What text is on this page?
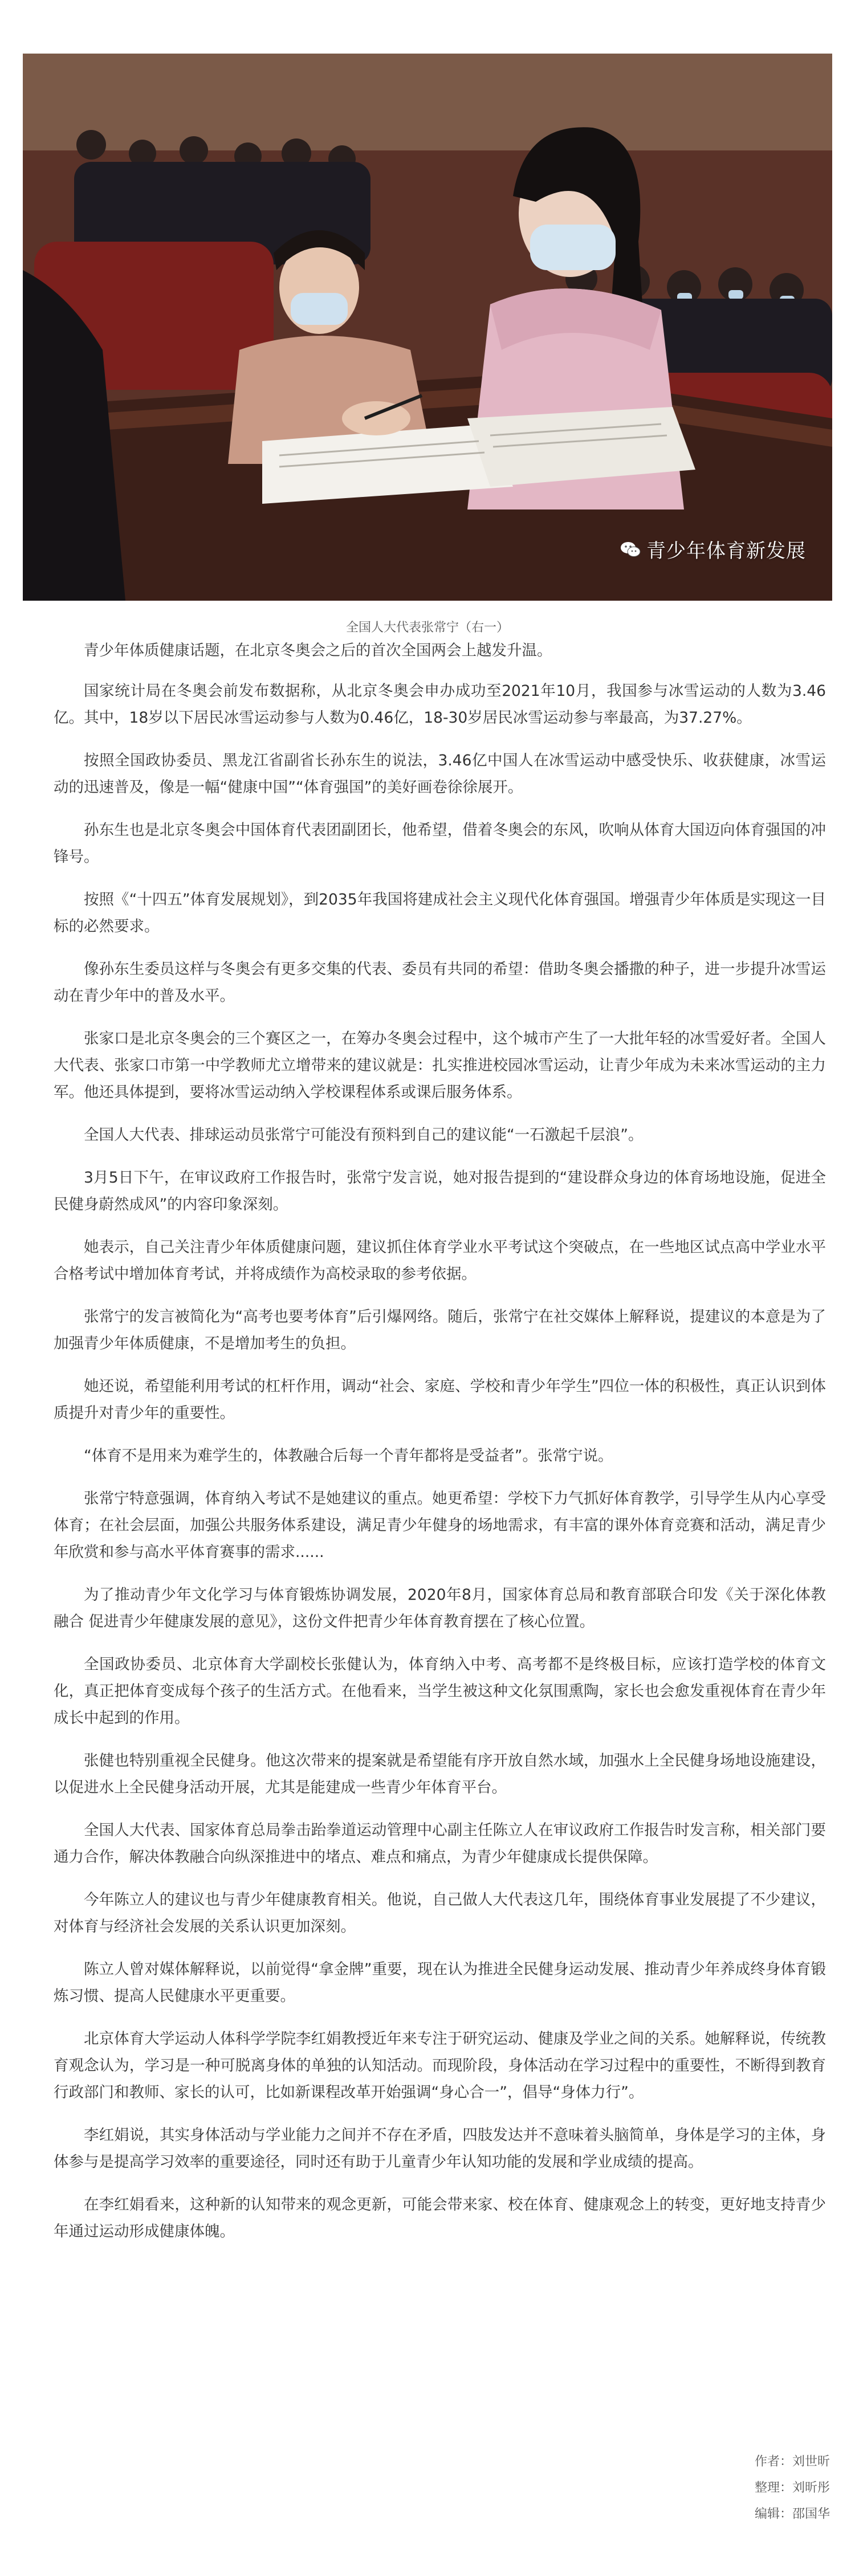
青少年体育新发展
全国人大代表张常宁（右一）

青少年体质健康话题，在北京冬奥会之后的首次全国两会上越发升温。

国家统计局在冬奥会前发布数据称，从北京冬奥会申办成功至2021年10月，我国参与冰雪运动的人数为3.46亿。其中，18岁以下居民冰雪运动参与人数为0.46亿，18-30岁居民冰雪运动参与率最高，为37.27%。

按照全国政协委员、黑龙江省副省长孙东生的说法，3.46亿中国人在冰雪运动中感受快乐、收获健康，冰雪运动的迅速普及，像是一幅“健康中国”“体育强国”的美好画卷徐徐展开。

孙东生也是北京冬奥会中国体育代表团副团长，他希望，借着冬奥会的东风，吹响从体育大国迈向体育强国的冲锋号。

按照《“十四五”体育发展规划》，到2035年我国将建成社会主义现代化体育强国。增强青少年体质是实现这一目标的必然要求。

像孙东生委员这样与冬奥会有更多交集的代表、委员有共同的希望：借助冬奥会播撒的种子，进一步提升冰雪运动在青少年中的普及水平。

张家口是北京冬奥会的三个赛区之一，在筹办冬奥会过程中，这个城市产生了一大批年轻的冰雪爱好者。全国人大代表、张家口市第一中学教师尤立增带来的建议就是：扎实推进校园冰雪运动，让青少年成为未来冰雪运动的主力军。他还具体提到，要将冰雪运动纳入学校课程体系或课后服务体系。

全国人大代表、排球运动员张常宁可能没有预料到自己的建议能“一石激起千层浪”。

3月5日下午，在审议政府工作报告时，张常宁发言说，她对报告提到的“建设群众身边的体育场地设施，促进全民健身蔚然成风”的内容印象深刻。

她表示，自己关注青少年体质健康问题，建议抓住体育学业水平考试这个突破点，在一些地区试点高中学业水平合格考试中增加体育考试，并将成绩作为高校录取的参考依据。

张常宁的发言被简化为“高考也要考体育”后引爆网络。随后，张常宁在社交媒体上解释说，提建议的本意是为了加强青少年体质健康，不是增加考生的负担。

她还说，希望能利用考试的杠杆作用，调动“社会、家庭、学校和青少年学生”四位一体的积极性，真正认识到体质提升对青少年的重要性。

“体育不是用来为难学生的，体教融合后每一个青年都将是受益者”。张常宁说。

张常宁特意强调，体育纳入考试不是她建议的重点。她更希望：学校下力气抓好体育教学，引导学生从内心享受体育；在社会层面，加强公共服务体系建设，满足青少年健身的场地需求，有丰富的课外体育竞赛和活动，满足青少年欣赏和参与高水平体育赛事的需求......

为了推动青少年文化学习与体育锻炼协调发展，2020年8月，国家体育总局和教育部联合印发《关于深化体教融合 促进青少年健康发展的意见》，这份文件把青少年体育教育摆在了核心位置。

全国政协委员、北京体育大学副校长张健认为，体育纳入中考、高考都不是终极目标，应该打造学校的体育文化，真正把体育变成每个孩子的生活方式。在他看来，当学生被这种文化氛围熏陶，家长也会愈发重视体育在青少年成长中起到的作用。

张健也特别重视全民健身。他这次带来的提案就是希望能有序开放自然水域，加强水上全民健身场地设施建设，以促进水上全民健身活动开展，尤其是能建成一些青少年体育平台。

全国人大代表、国家体育总局拳击跆拳道运动管理中心副主任陈立人在审议政府工作报告时发言称，相关部门要通力合作，解决体教融合向纵深推进中的堵点、难点和痛点，为青少年健康成长提供保障。

今年陈立人的建议也与青少年健康教育相关。他说，自己做人大代表这几年，围绕体育事业发展提了不少建议，对体育与经济社会发展的关系认识更加深刻。

陈立人曾对媒体解释说，以前觉得“拿金牌”重要，现在认为推进全民健身运动发展、推动青少年养成终身体育锻炼习惯、提高人民健康水平更重要。

北京体育大学运动人体科学学院李红娟教授近年来专注于研究运动、健康及学业之间的关系。她解释说，传统教育观念认为，学习是一种可脱离身体的单独的认知活动。而现阶段，身体活动在学习过程中的重要性，不断得到教育行政部门和教师、家长的认可，比如新课程改革开始强调“身心合一”，倡导“身体力行”。

李红娟说，其实身体活动与学业能力之间并不存在矛盾，四肢发达并不意味着头脑简单，身体是学习的主体，身体参与是提高学习效率的重要途径，同时还有助于儿童青少年认知功能的发展和学业成绩的提高。

在李红娟看来，这种新的认知带来的观念更新，可能会带来家、校在体育、健康观念上的转变，更好地支持青少年通过运动形成健康体魄。

作者：刘世昕
整理：刘昕彤
编辑：邵国华
